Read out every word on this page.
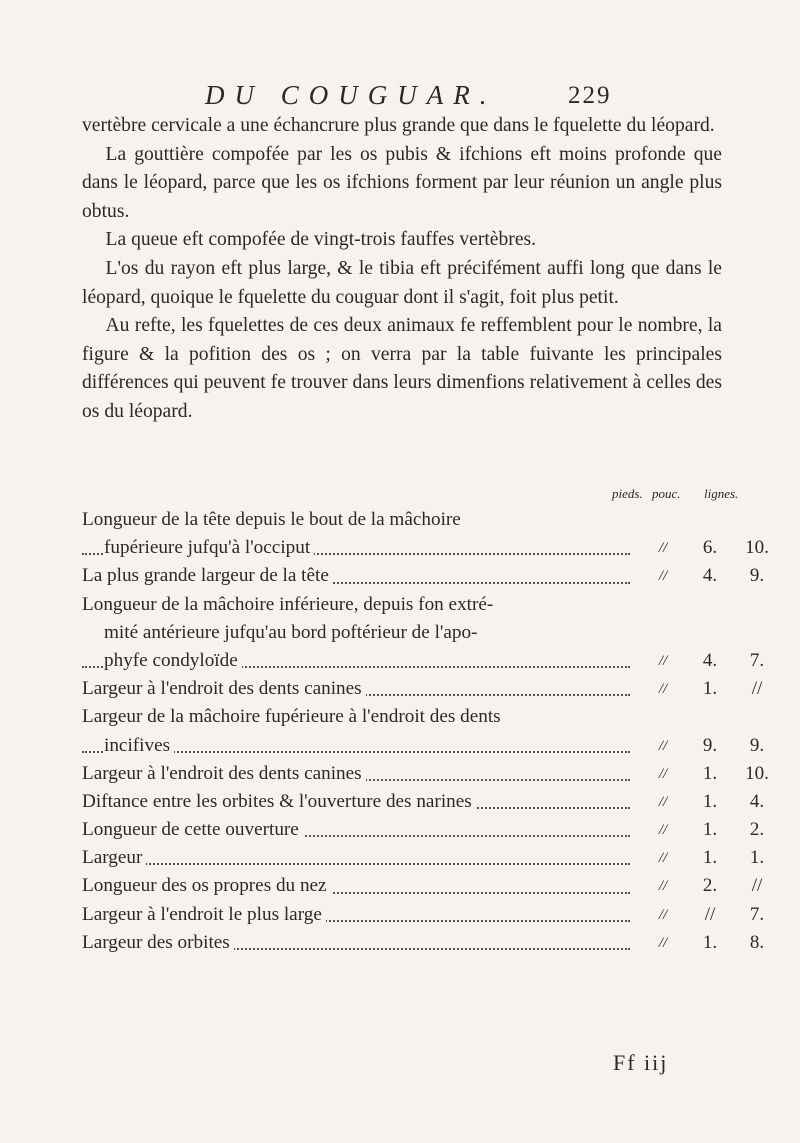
DU COUGUAR.	229

vertèbre cervicale a une échancrure plus grande que dans le fquelette du léopard.

La gouttière compofée par les os pubis & ifchions eft moins profonde que dans le léopard, parce que les os ifchions forment par leur réunion un angle plus obtus.

La queue eft compofée de vingt-trois fauffes vertèbres.

L'os du rayon eft plus large, & le tibia eft précifément auffi long que dans le léopard, quoique le fquelette du couguar dont il s'agit, foit plus petit.

Au refte, les fquelettes de ces deux animaux fe reffemblent pour le nombre, la figure & la pofition des os ; on verra par la table fuivante les principales différences qui peuvent fe trouver dans leurs dimenfions relativement à celles des os du léopard.

pieds. pouc. lignes.
Longueur de la tête depuis le bout de la mâchoire
fupérieure jufqu'à l'occiput	//	6.	10.
La plus grande largeur de la tête	//	4.	9.
Longueur de la mâchoire inférieure, depuis fon extré-
mité antérieure jufqu'au bord poftérieur de l'apo-
phyfe condyloïde	//	4.	7.
Largeur à l'endroit des dents canines	//	1.	//
Largeur de la mâchoire fupérieure à l'endroit des dents
incifives	//	9.	9.
Largeur à l'endroit des dents canines	//	1.	10.
Diftance entre les orbites & l'ouverture des narines	//	1.	4.
Longueur de cette ouverture	//	1.	2.
Largeur	//	1.	1.
Longueur des os propres du nez	//	2.	//
Largeur à l'endroit le plus large	//	//	7.
Largeur des orbites	//	1.	8.
Ff iij
